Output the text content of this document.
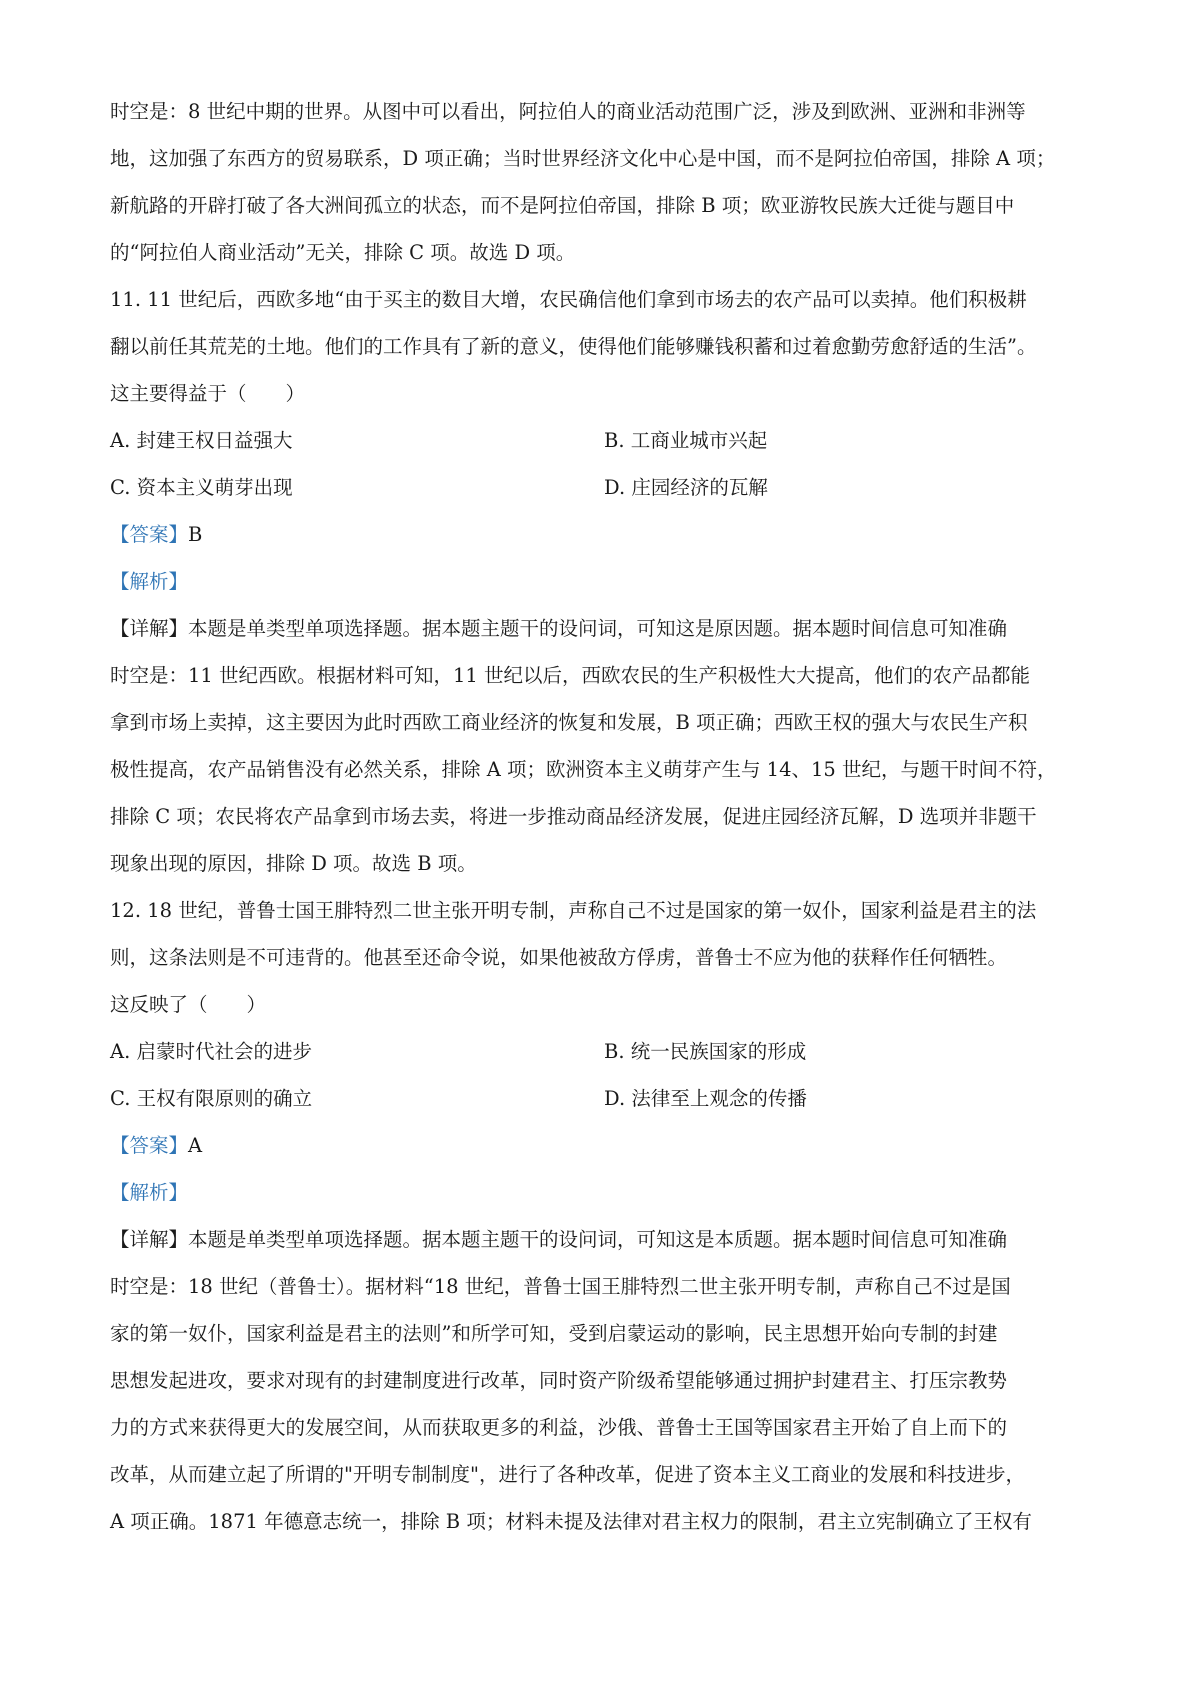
时空是：8 世纪中期的世界。从图中可以看出，阿拉伯人的商业活动范围广泛，涉及到欧洲、亚洲和非洲等
地，这加强了东西方的贸易联系，D 项正确；当时世界经济文化中心是中国，而不是阿拉伯帝国，排除 A 项；
新航路的开辟打破了各大洲间孤立的状态，而不是阿拉伯帝国，排除 B 项；欧亚游牧民族大迁徙与题目中
的“阿拉伯人商业活动”无关，排除 C 项。故选 D 项。
11. 11 世纪后，西欧多地“由于买主的数目大增，农民确信他们拿到市场去的农产品可以卖掉。他们积极耕
翻以前任其荒芜的土地。他们的工作具有了新的意义，使得他们能够赚钱积蓄和过着愈勤劳愈舒适的生活”。
这主要得益于（　　）
A. 封建王权日益强大	B. 工商业城市兴起
C. 资本主义萌芽出现	D. 庄园经济的瓦解
【答案】B
【解析】
【详解】本题是单类型单项选择题。据本题主题干的设问词，可知这是原因题。据本题时间信息可知准确
时空是：11 世纪西欧。根据材料可知，11 世纪以后，西欧农民的生产积极性大大提高，他们的农产品都能
拿到市场上卖掉，这主要因为此时西欧工商业经济的恢复和发展，B 项正确；西欧王权的强大与农民生产积
极性提高，农产品销售没有必然关系，排除 A 项；欧洲资本主义萌芽产生与 14、15 世纪，与题干时间不符，
排除 C 项；农民将农产品拿到市场去卖，将进一步推动商品经济发展，促进庄园经济瓦解，D 选项并非题干
现象出现的原因，排除 D 项。故选 B 项。
12. 18 世纪，普鲁士国王腓特烈二世主张开明专制，声称自己不过是国家的第一奴仆，国家利益是君主的法
则，这条法则是不可违背的。他甚至还命令说，如果他被敌方俘虏，普鲁士不应为他的获释作任何牺牲。
这反映了（　　）
A. 启蒙时代社会的进步	B. 统一民族国家的形成
C. 王权有限原则的确立	D. 法律至上观念的传播
【答案】A
【解析】
【详解】本题是单类型单项选择题。据本题主题干的设问词，可知这是本质题。据本题时间信息可知准确
时空是：18 世纪（普鲁士）。据材料“18 世纪，普鲁士国王腓特烈二世主张开明专制，声称自己不过是国
家的第一奴仆，国家利益是君主的法则”和所学可知，受到启蒙运动的影响，民主思想开始向专制的封建
思想发起进攻，要求对现有的封建制度进行改革，同时资产阶级希望能够通过拥护封建君主、打压宗教势
力的方式来获得更大的发展空间，从而获取更多的利益，沙俄、普鲁士王国等国家君主开始了自上而下的
改革，从而建立起了所谓的"开明专制制度"，进行了各种改革，促进了资本主义工商业的发展和科技进步，
A 项正确。1871 年德意志统一，排除 B 项；材料未提及法律对君主权力的限制，君主立宪制确立了王权有
